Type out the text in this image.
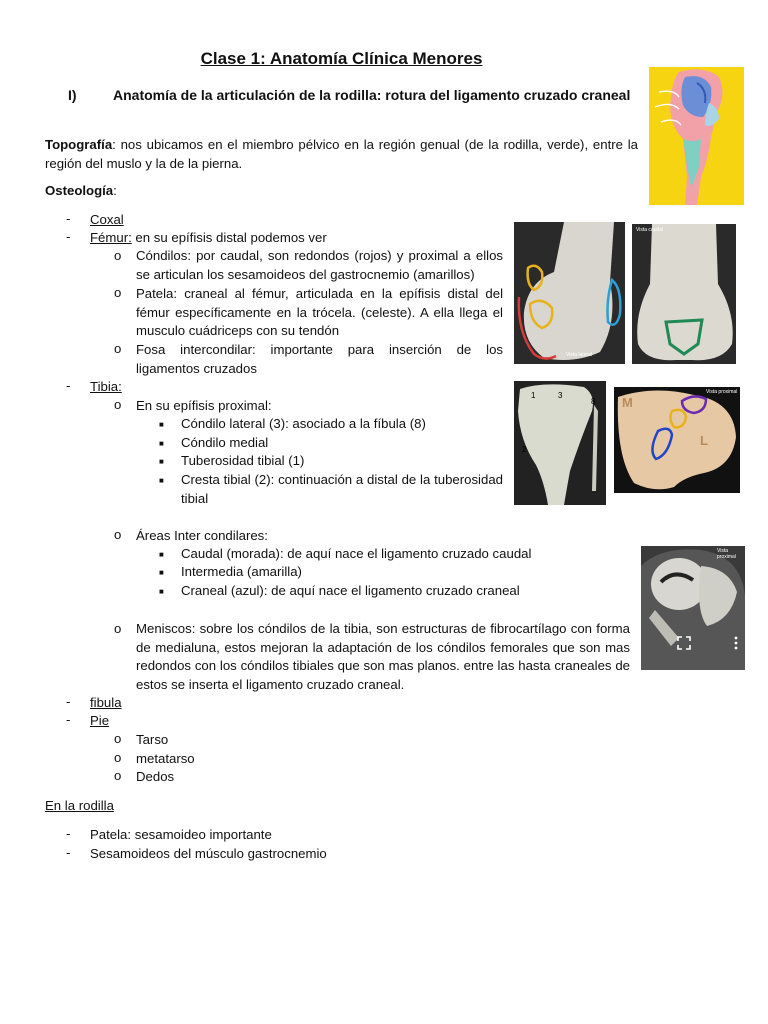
Clase 1: Anatomía Clínica Menores
I)	Anatomía de la articulación de la rodilla: rotura del ligamento cruzado craneal
Topografía: nos ubicamos en el miembro pélvico en la región genual (de la rodilla, verde), entre la región del muslo y la de la pierna.
Osteología:
- Coxal
- Fémur: en su epífisis distal podemos ver
o Cóndilos: por caudal, son redondos (rojos) y proximal a ellos se articulan los sesamoideos del gastrocnemio (amarillos)
o Patela: craneal al fémur, articulada en la epífisis distal del fémur específicamente en la trócela. (celeste). A ella llega el musculo cuádriceps con su tendón
o Fosa intercondilar: importante para inserción de los ligamentos cruzados
- Tibia:
o En su epífisis proximal:
■ Cóndilo lateral (3): asociado a la fíbula (8)
■ Cóndilo medial
■ Tuberosidad tibial (1)
■ Cresta tibial (2): continuación a distal de la tuberosidad tibial
o Áreas Inter condilares:
■ Caudal (morada): de aquí nace el ligamento cruzado caudal
■ Intermedia (amarilla)
■ Craneal (azul): de aquí nace el ligamento cruzado craneal
o Meniscos: sobre los cóndilos de la tibia, son estructuras de fibrocartílago con forma de medialuna, estos mejoran la adaptación de los cóndilos femorales que son mas redondos con los cóndilos tibiales que son mas planos. entre las hasta craneales de estos se inserta el ligamento cruzado craneal.
- fibula
- Pie
o Tarso
o metatarso
o Dedos
En la rodilla
- Patela: sesamoideo importante
- Sesamoideos del músculo gastrocnemio
Vista lateral
Vista caudal
1	3
8
2
M
L
Vista proximal
Vista proximal
